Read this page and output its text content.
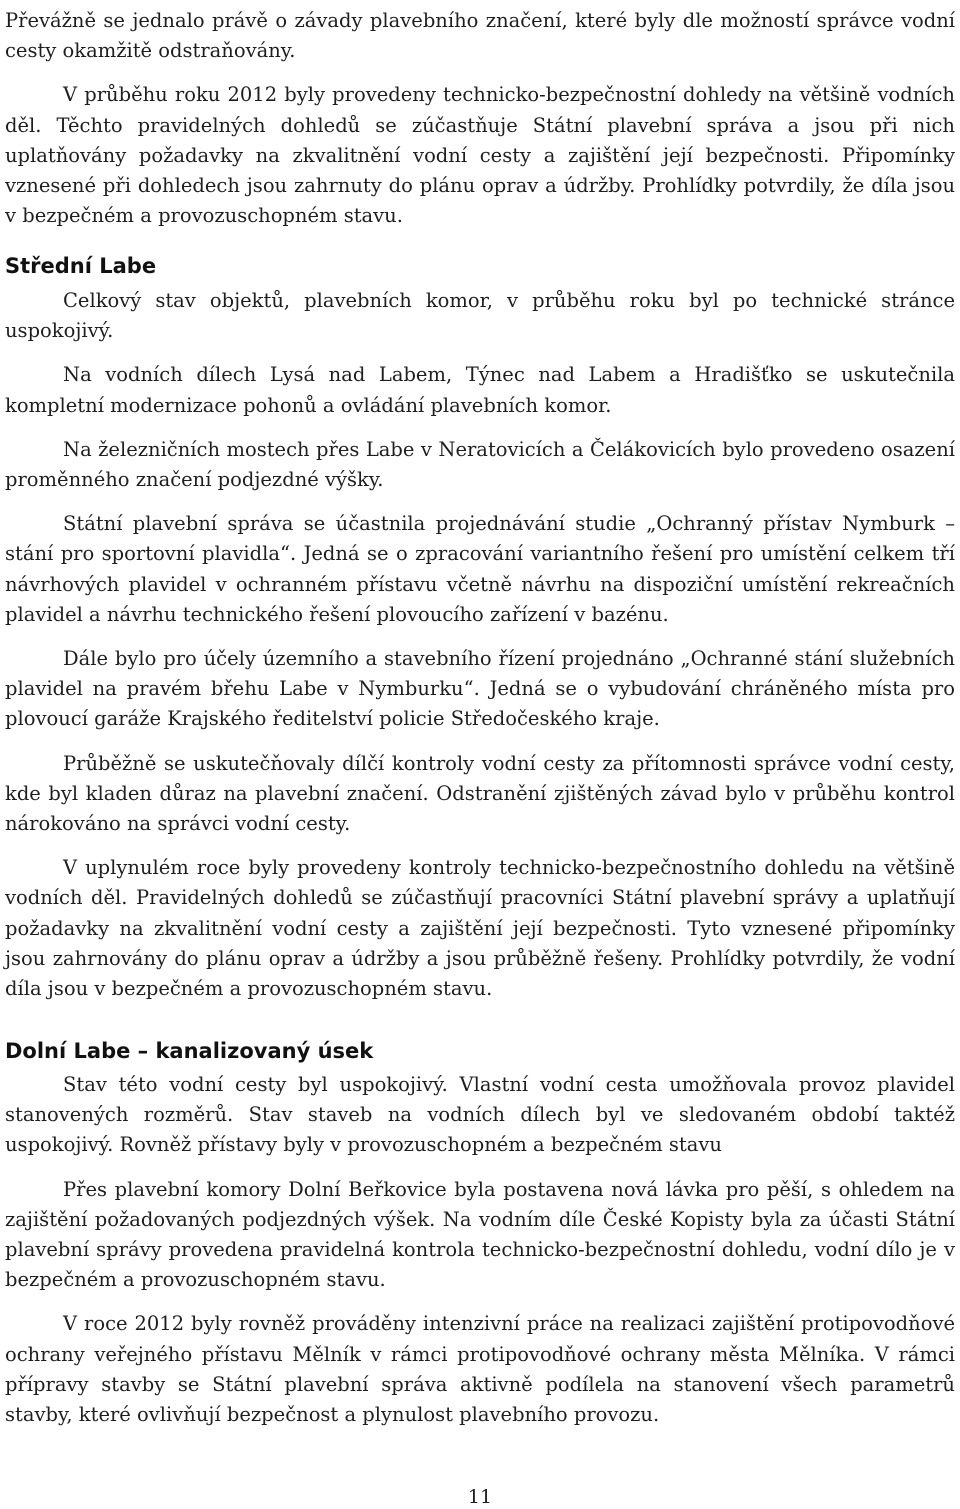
Převážně se jednalo právě o závady plavebního značení, které byly dle možností správce vodní cesty okamžitě odstraňovány.

V průběhu roku 2012 byly provedeny technicko-bezpečnostní dohledy na většině vodních děl. Těchto pravidelných dohledů se zúčastňuje Státní plavební správa a jsou při nich uplatňovány požadavky na zkvalitnění vodní cesty a zajištění její bezpečnosti. Připomínky vznesené při dohledech jsou zahrnuty do plánu oprav a údržby. Prohlídky potvrdily, že díla jsou v bezpečném a provozuschopném stavu.

Střední Labe

Celkový stav objektů, plavebních komor, v průběhu roku byl po technické stránce uspokojivý.

Na vodních dílech Lysá nad Labem, Týnec nad Labem a Hradišťko se uskutečnila kompletní modernizace pohonů a ovládání plavebních komor.

Na železničních mostech přes Labe v Neratovicích a Čelákovicích bylo provedeno osazení proměnného značení podjezdné výšky.

Státní plavební správa se účastnila projednávání studie „Ochranný přístav Nymburk – stání pro sportovní plavidla“. Jedná se o zpracování variantního řešení pro umístění celkem tří návrhových plavidel v ochranném přístavu včetně návrhu na dispoziční umístění rekreačních plavidel a návrhu technického řešení plovoucího zařízení v bazénu.

Dále bylo pro účely územního a stavebního řízení projednáno „Ochranné stání služebních plavidel na pravém břehu Labe v Nymburku“. Jedná se o vybudování chráněného místa pro plovoucí garáže Krajského ředitelství policie Středočeského kraje.

Průběžně se uskutečňovaly dílčí kontroly vodní cesty za přítomnosti správce vodní cesty, kde byl kladen důraz na plavební značení. Odstranění zjištěných závad bylo v průběhu kontrol nárokováno na správci vodní cesty.

V uplynulém roce byly provedeny kontroly technicko-bezpečnostního dohledu na většině vodních děl. Pravidelných dohledů se zúčastňují pracovníci Státní plavební správy a uplatňují požadavky na zkvalitnění vodní cesty a zajištění její bezpečnosti. Tyto vznesené připomínky jsou zahrnovány do plánu oprav a údržby a jsou průběžně řešeny. Prohlídky potvrdily, že vodní díla jsou v bezpečném a provozuschopném stavu.

Dolní Labe – kanalizovaný úsek

Stav této vodní cesty byl uspokojivý. Vlastní vodní cesta umožňovala provoz plavidel stanovených rozměrů. Stav staveb na vodních dílech byl ve sledovaném období taktéž uspokojivý. Rovněž přístavy byly v provozuschopném a bezpečném stavu

Přes plavební komory Dolní Beřkovice byla postavena nová lávka pro pěší, s ohledem na zajištění požadovaných podjezdných výšek. Na vodním díle České Kopisty byla za účasti Státní plavební správy provedena pravidelná kontrola technicko-bezpečnostní dohledu, vodní dílo je v bezpečném a provozuschopném stavu.

V roce 2012 byly rovněž prováděny intenzivní práce na realizaci zajištění protipovodňové ochrany veřejného přístavu Mělník v rámci protipovodňové ochrany města Mělníka. V rámci přípravy stavby se Státní plavební správa aktivně podílela na stanovení všech parametrů stavby, které ovlivňují bezpečnost a plynulost plavebního provozu.

11
